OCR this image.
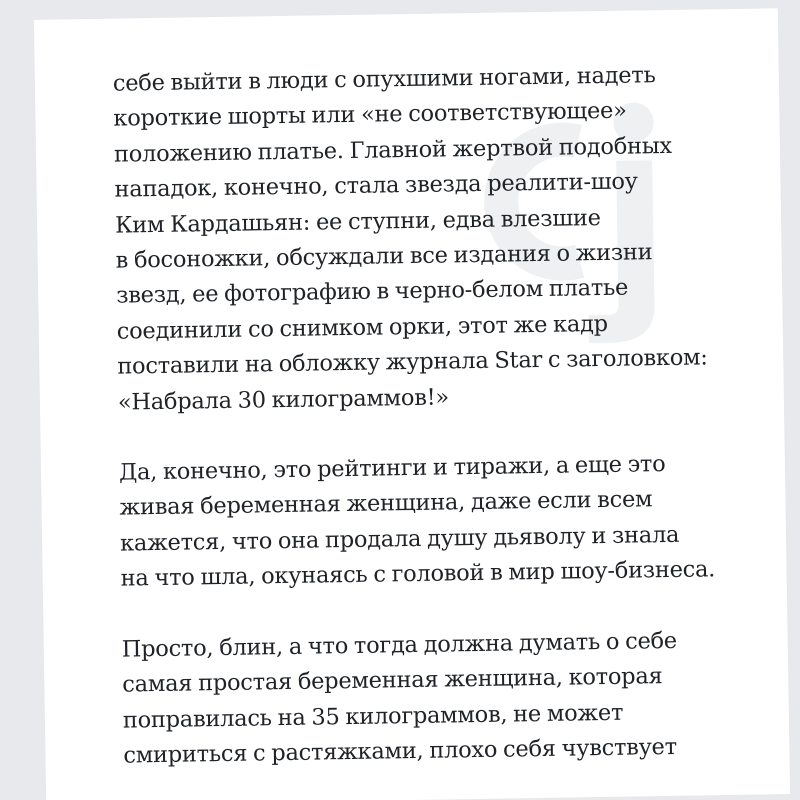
себе выйти в люди с опухшими ногами, надеть
короткие шорты или «не соответствующее»
положению платье. Главной жертвой подобных
нападок, конечно, стала звезда реалити-шоу
Ким Кардашьян: ее ступни, едва влезшие
в босоножки, обсуждали все издания о жизни
звезд, ее фотографию в черно-белом платье
соединили со снимком орки, этот же кадр
поставили на обложку журнала Star с заголовком:
«Набрала 30 килограммов!»
Да, конечно, это рейтинги и тиражи, а еще это
живая беременная женщина, даже если всем
кажется, что она продала душу дьяволу и знала
на что шла, окунаясь с головой в мир шоу-бизнеса.
Просто, блин, а что тогда должна думать о себе
самая простая беременная женщина, которая
поправилась на 35 килограммов, не может
смириться с растяжками, плохо себя чувствует
